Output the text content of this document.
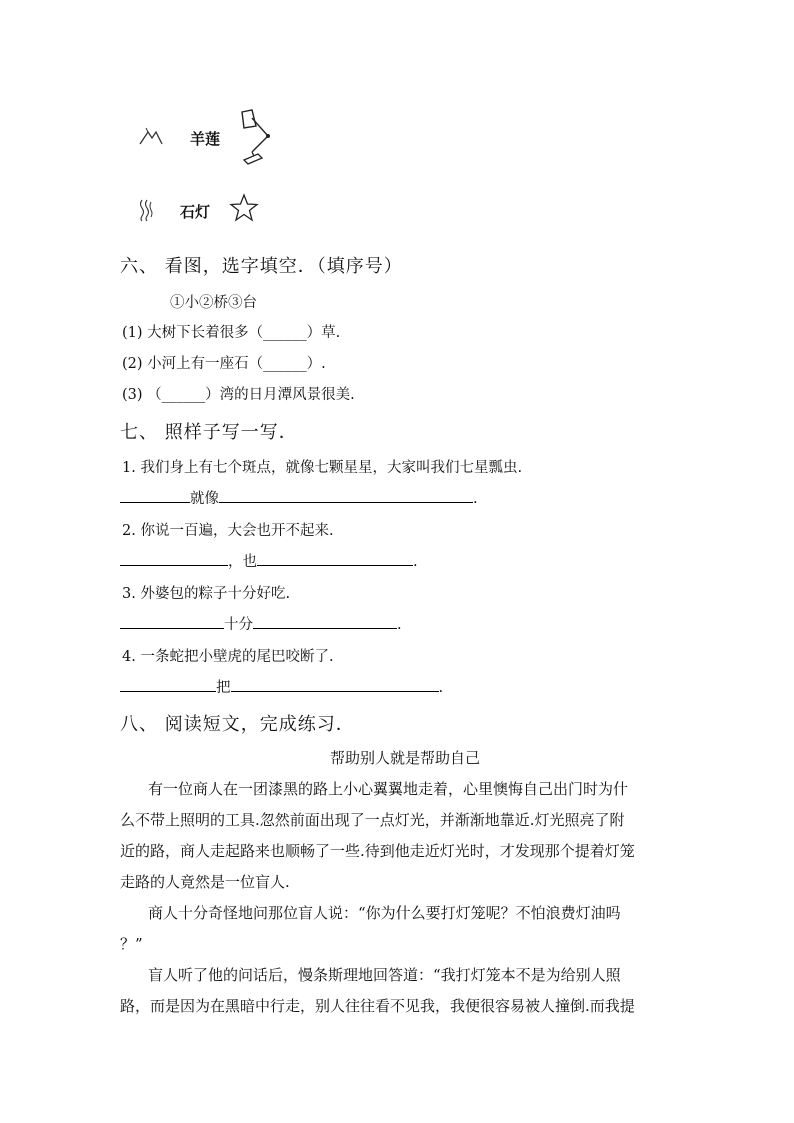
羊莲
石灯
六、 看图，选字填空．（填序号）
①小②桥③台
(1) 大树下长着很多（______）草.
(2) 小河上有一座石（______）.
(3) （______）湾的日月潭风景很美.
七、 照样子写一写．
1. 我们身上有七个斑点，就像七颗星星，大家叫我们七星瓢虫.
就像	.
2. 你说一百遍，大会也开不起来.
，也	.
3. 外婆包的粽子十分好吃.
十分	.
4. 一条蛇把小壁虎的尾巴咬断了.
把	.
八、 阅读短文，完成练习．
帮助别人就是帮助自己
有一位商人在一团漆黑的路上小心翼翼地走着，心里懊悔自己出门时为什
么不带上照明的工具.忽然前面出现了一点灯光，并渐渐地靠近.灯光照亮了附
近的路，商人走起路来也顺畅了一些.待到他走近灯光时，才发现那个提着灯笼
走路的人竟然是一位盲人.
商人十分奇怪地问那位盲人说：“你为什么要打灯笼呢？不怕浪费灯油吗
？”
盲人听了他的问话后，慢条斯理地回答道：“我打灯笼本不是为给别人照
路，而是因为在黑暗中行走，别人往往看不见我，我便很容易被人撞倒.而我提
